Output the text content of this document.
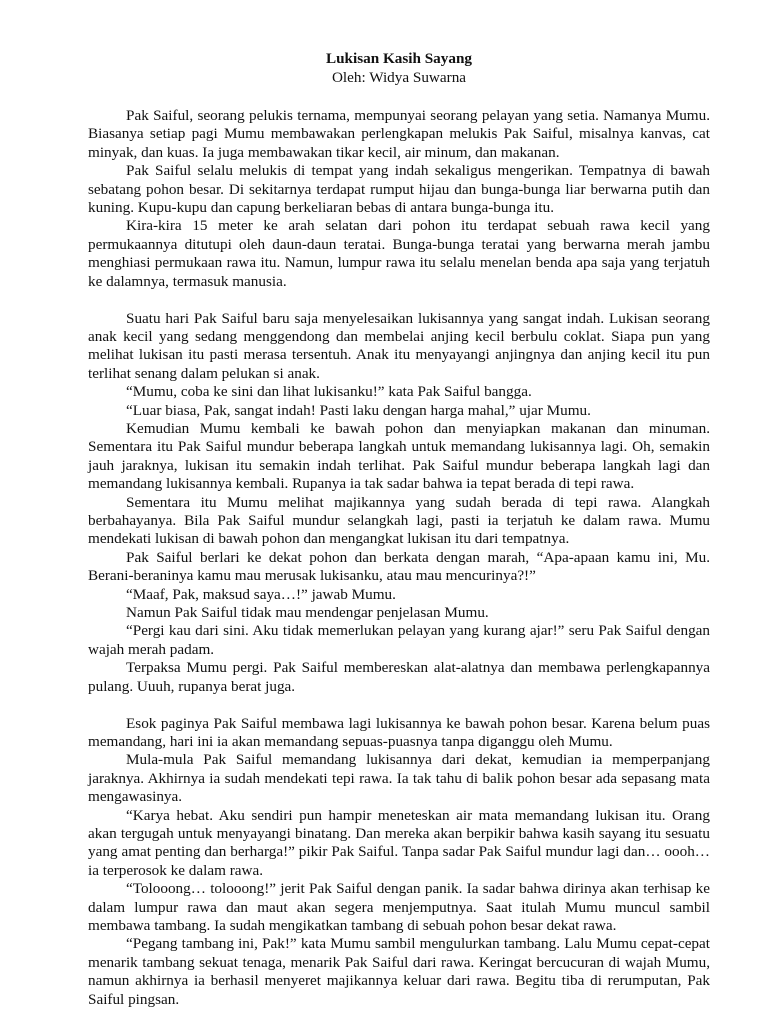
Lukisan Kasih Sayang

Oleh: Widya Suwarna

Pak Saiful, seorang pelukis ternama, mempunyai seorang pelayan yang setia. Namanya Mumu. Biasanya setiap pagi Mumu membawakan perlengkapan melukis Pak Saiful, misalnya kanvas, cat minyak, dan kuas. Ia juga membawakan tikar kecil, air minum, dan makanan.

Pak Saiful selalu melukis di tempat yang indah sekaligus mengerikan. Tempatnya di bawah sebatang pohon besar. Di sekitarnya terdapat rumput hijau dan bunga-bunga liar berwarna putih dan kuning. Kupu-kupu dan capung berkeliaran bebas di antara bunga-bunga itu.

Kira-kira 15 meter ke arah selatan dari pohon itu terdapat sebuah rawa kecil yang permukaannya ditutupi oleh daun-daun teratai. Bunga-bunga teratai yang berwarna merah jambu menghiasi permukaan rawa itu. Namun, lumpur rawa itu selalu menelan benda apa saja yang terjatuh ke dalamnya, termasuk manusia.

Suatu hari Pak Saiful baru saja menyelesaikan lukisannya yang sangat indah. Lukisan seorang anak kecil yang sedang menggendong dan membelai anjing kecil berbulu coklat. Siapa pun yang melihat lukisan itu pasti merasa tersentuh. Anak itu menyayangi anjingnya dan anjing kecil itu pun terlihat senang dalam pelukan si anak.

“Mumu, coba ke sini dan lihat lukisanku!” kata Pak Saiful bangga.

“Luar biasa, Pak, sangat indah! Pasti laku dengan harga mahal,” ujar Mumu.

Kemudian Mumu kembali ke bawah pohon dan menyiapkan makanan dan minuman. Sementara itu Pak Saiful mundur beberapa langkah untuk memandang lukisannya lagi. Oh, semakin jauh jaraknya, lukisan itu semakin indah terlihat. Pak Saiful mundur beberapa langkah lagi dan memandang lukisannya kembali. Rupanya ia tak sadar bahwa ia tepat berada di tepi rawa.

Sementara itu Mumu melihat majikannya yang sudah berada di tepi rawa. Alangkah berbahayanya. Bila Pak Saiful mundur selangkah lagi, pasti ia terjatuh ke dalam rawa. Mumu mendekati lukisan di bawah pohon dan mengangkat lukisan itu dari tempatnya.

Pak Saiful berlari ke dekat pohon dan berkata dengan marah, “Apa-apaan kamu ini, Mu. Berani-beraninya kamu mau merusak lukisanku, atau mau mencurinya?!”

“Maaf, Pak, maksud saya…!” jawab Mumu.

Namun Pak Saiful tidak mau mendengar penjelasan Mumu.

“Pergi kau dari sini. Aku tidak memerlukan pelayan yang kurang ajar!” seru Pak Saiful dengan wajah merah padam.

Terpaksa Mumu pergi. Pak Saiful membereskan alat-alatnya dan membawa perlengkapannya pulang. Uuuh, rupanya berat juga.

Esok paginya Pak Saiful membawa lagi lukisannya ke bawah pohon besar. Karena belum puas memandang, hari ini ia akan memandang sepuas-puasnya tanpa diganggu oleh Mumu.

Mula-mula Pak Saiful memandang lukisannya dari dekat, kemudian ia memperpanjang jaraknya. Akhirnya ia sudah mendekati tepi rawa. Ia tak tahu di balik pohon besar ada sepasang mata mengawasinya.

“Karya hebat. Aku sendiri pun hampir meneteskan air mata memandang lukisan itu. Orang akan tergugah untuk menyayangi binatang. Dan mereka akan berpikir bahwa kasih sayang itu sesuatu yang amat penting dan berharga!” pikir Pak Saiful. Tanpa sadar Pak Saiful mundur lagi dan… oooh… ia terperosok ke dalam rawa.

“Tolooong… tolooong!” jerit Pak Saiful dengan panik. Ia sadar bahwa dirinya akan terhisap ke dalam lumpur rawa dan maut akan segera menjemputnya. Saat itulah Mumu muncul sambil membawa tambang. Ia sudah mengikatkan tambang di sebuah pohon besar dekat rawa.

“Pegang tambang ini, Pak!” kata Mumu sambil mengulurkan tambang. Lalu Mumu cepat-cepat menarik tambang sekuat tenaga, menarik Pak Saiful dari rawa. Keringat bercucuran di wajah Mumu, namun akhirnya ia berhasil menyeret majikannya keluar dari rawa. Begitu tiba di rerumputan, Pak Saiful pingsan.
